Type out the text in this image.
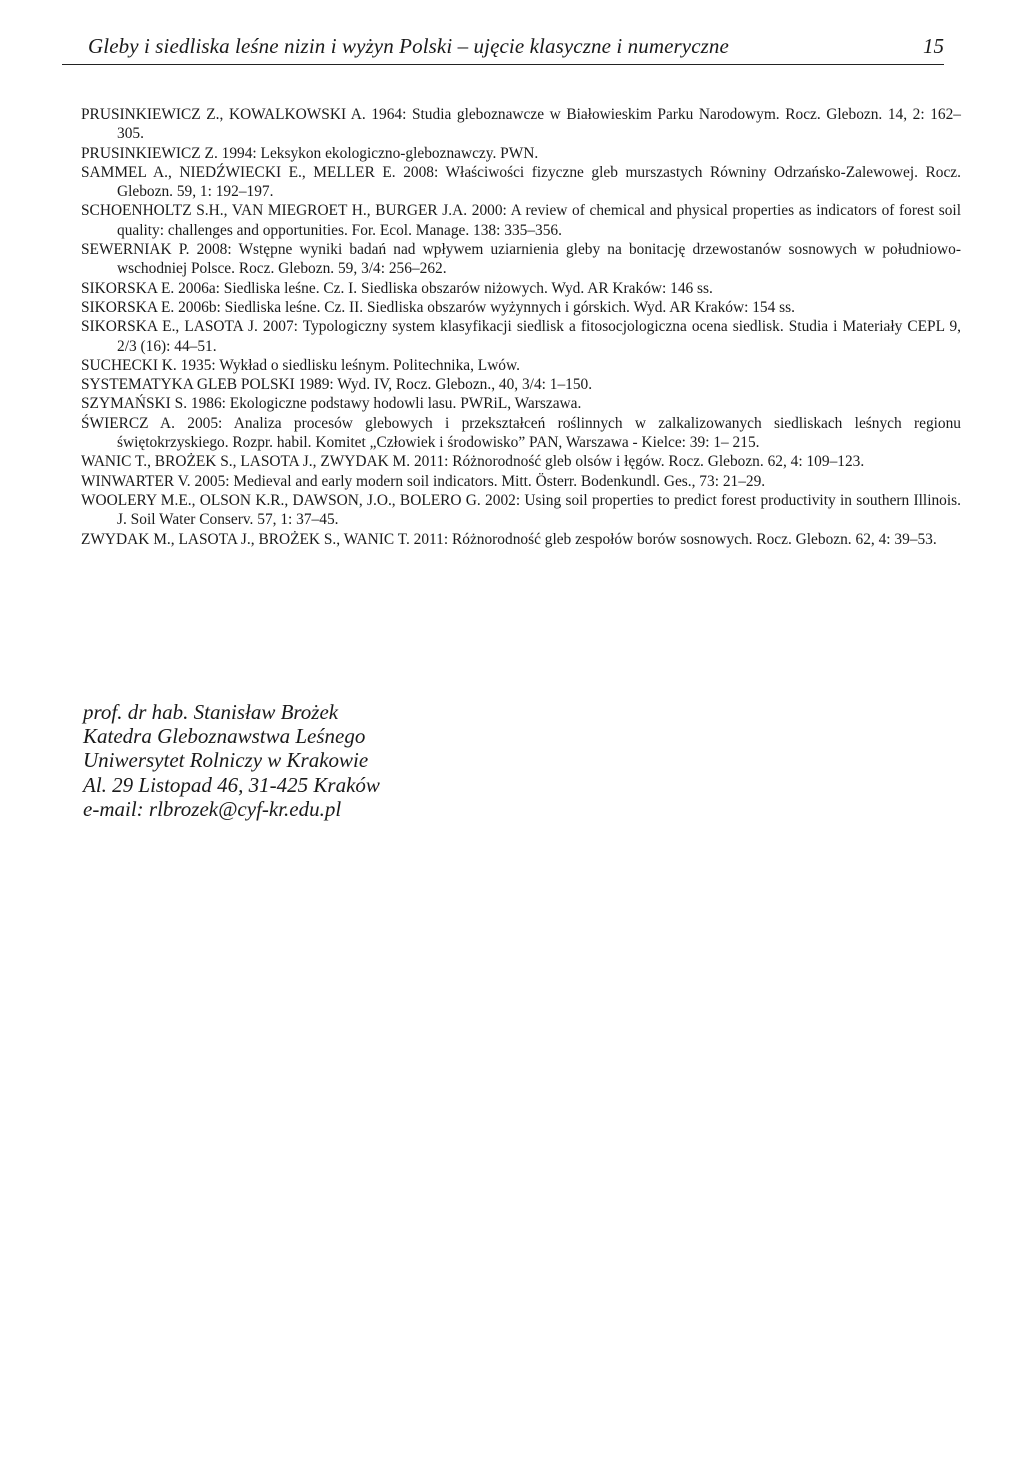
Gleby i siedliska leśne nizin i wyżyn Polski – ujęcie klasyczne i numeryczne	15
PRUSINKIEWICZ Z., KOWALKOWSKI A. 1964: Studia gleboznawcze w Białowieskim Parku Narodowym. Rocz. Glebozn. 14, 2: 162–305.
PRUSINKIEWICZ Z. 1994: Leksykon ekologiczno-gleboznawczy. PWN.
SAMMEL A., NIEDŹWIECKI E., MELLER E. 2008: Właściwości fizyczne gleb murszastych Równiny Odrzańsko-Zalewowej. Rocz. Glebozn. 59, 1: 192–197.
SCHOENHOLTZ S.H., VAN MIEGROET H., BURGER J.A. 2000: A review of chemical and physical properties as indicators of forest soil quality: challenges and opportunities. For. Ecol. Manage. 138: 335–356.
SEWERNIAK P. 2008: Wstępne wyniki badań nad wpływem uziarnienia gleby na bonitację drzewostanów sosnowych w południowo-wschodniej Polsce. Rocz. Glebozn. 59, 3/4: 256–262.
SIKORSKA E. 2006a: Siedliska leśne. Cz. I. Siedliska obszarów niżowych. Wyd. AR Kraków: 146 ss.
SIKORSKA E. 2006b: Siedliska leśne. Cz. II. Siedliska obszarów wyżynnych i górskich. Wyd. AR Kraków: 154 ss.
SIKORSKA E., LASOTA J. 2007: Typologiczny system klasyfikacji siedlisk a fitosocjologiczna ocena siedlisk. Studia i Materiały CEPL 9, 2/3 (16): 44–51.
SUCHECKI K. 1935: Wykład o siedlisku leśnym. Politechnika, Lwów.
SYSTEMATYKA GLEB POLSKI 1989: Wyd. IV, Rocz. Glebozn., 40, 3/4: 1–150.
SZYMAŃSKI S. 1986: Ekologiczne podstawy hodowli lasu. PWRiL, Warszawa.
ŚWIERCZ A. 2005: Analiza procesów glebowych i przekształceń roślinnych w zalkalizowanych siedliskach leśnych regionu świętokrzyskiego. Rozpr. habil. Komitet „Człowiek i środowisko” PAN, Warszawa - Kielce: 39: 1– 215.
WANIC T., BROŻEK S., LASOTA J., ZWYDAK M. 2011: Różnorodność gleb olsów i łęgów. Rocz. Glebozn. 62, 4: 109–123.
WINWARTER V. 2005: Medieval and early modern soil indicators. Mitt. Österr. Bodenkundl. Ges., 73: 21–29.
WOOLERY M.E., OLSON K.R., DAWSON, J.O., BOLERO G. 2002: Using soil properties to predict forest productivity in southern Illinois. J. Soil Water Conserv. 57, 1: 37–45.
ZWYDAK M., LASOTA J., BROŻEK S., WANIC T. 2011: Różnorodność gleb zespołów borów sosnowych. Rocz. Glebozn. 62, 4: 39–53.
prof. dr hab. Stanisław Brożek
Katedra Gleboznawstwa Leśnego
Uniwersytet Rolniczy w Krakowie
Al. 29 Listopad 46, 31-425 Kraków
e-mail: rlbrozek@cyf-kr.edu.pl
